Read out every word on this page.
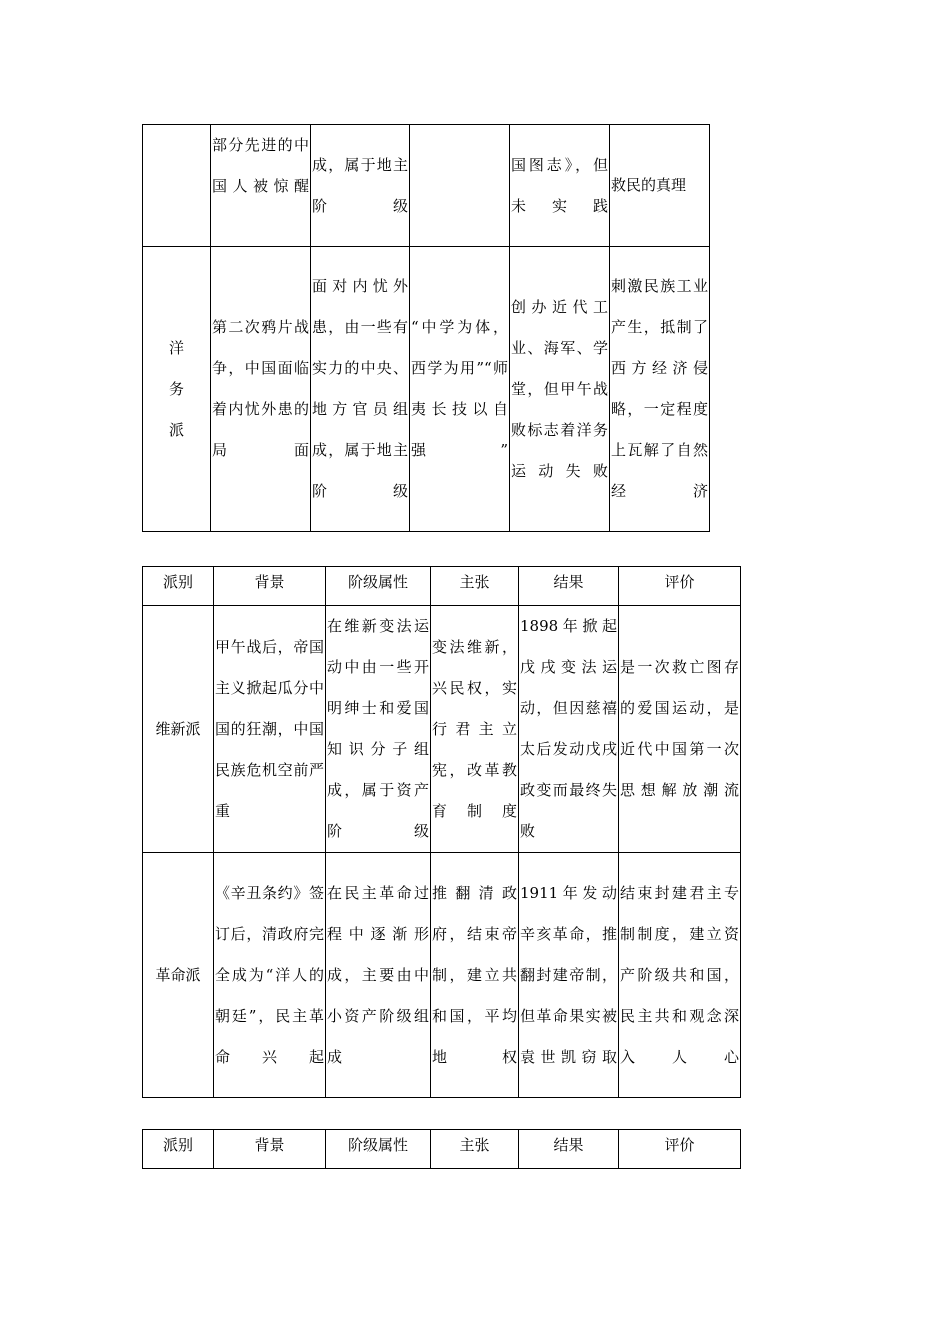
	部分先进的中国人被惊醒	成，属于地主阶级		国图志》，但未实践	救民的真理
洋务派	第二次鸦片战争，中国面临着内忧外患的局面	面对内忧外患，由一些有实力的中央、地方官员组成，属于地主阶级	“中学为体，西学为用”“师夷长技以自强”	创办近代工业、海军、学堂，但甲午战败标志着洋务运动失败	刺激民族工业产生，抵制了西方经济侵略，一定程度上瓦解了自然经济
派别	背景	阶级属性	主张	结果	评价
维新派	甲午战后，帝国主义掀起瓜分中国的狂潮，中国民族危机空前严重	在维新变法运动中由一些开明绅士和爱国知识分子组成，属于资产阶级	变法维新，兴民权，实行君主立宪，改革教育制度	1898年掀起戊戌变法运动，但因慈禧太后发动戊戌政变而最终失败	是一次救亡图存的爱国运动，是近代中国第一次思想解放潮流
革命派	《辛丑条约》签订后，清政府完全成为“洋人的朝廷”，民主革命兴起	在民主革命过程中逐渐形成，主要由中小资产阶级组成	推翻清政府，结束帝制，建立共和国，平均地权	1911年发动辛亥革命，推翻封建帝制，但革命果实被袁世凯窃取	结束封建君主专制制度，建立资产阶级共和国，民主共和观念深入人心
派别	背景	阶级属性	主张	结果	评价
